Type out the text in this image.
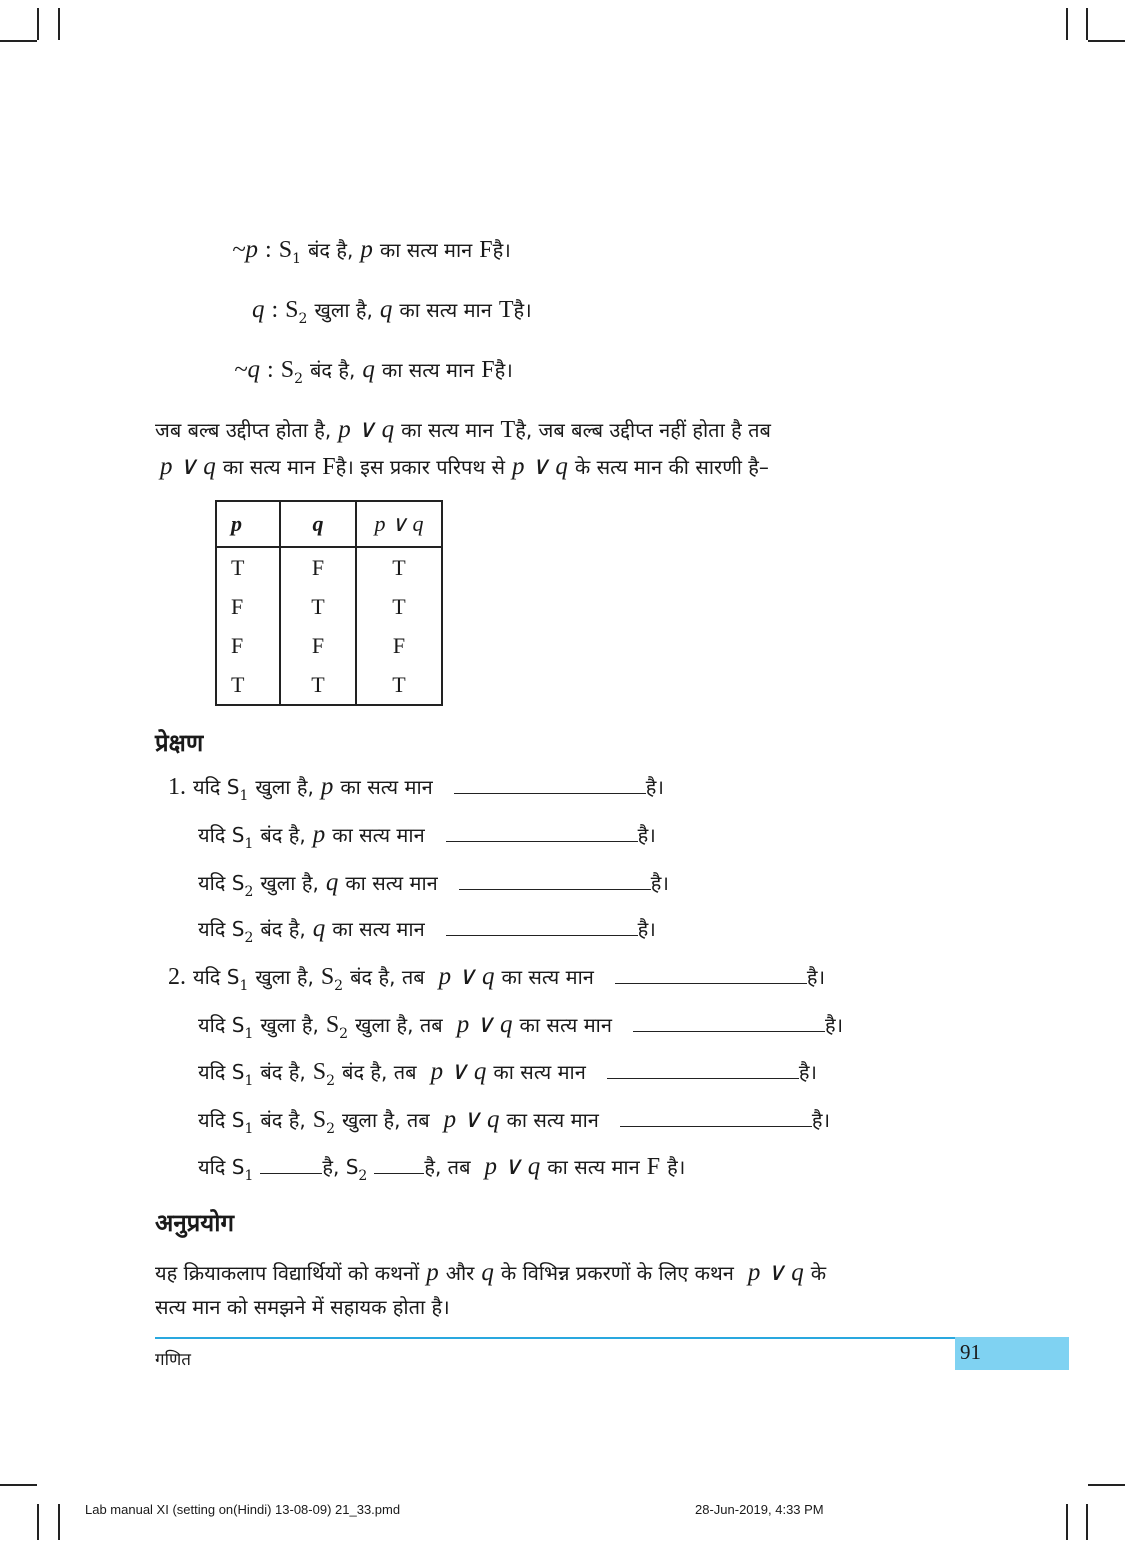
~p : $S_1$ बंद है, p का सत्य मान Fहै।
q : $S_2$ खुला है, q का सत्य मान Tहै।
~q : $S_2$ बंद है, q का सत्य मान Fहै।
जब बल्ब उद्दीप्त होता है, p ∨ q का सत्य मान Tहै, जब बल्ब उद्दीप्त नहीं होता है तब
p ∨ q का सत्य मान Fहै। इस प्रकार परिपथ से p ∨ q के सत्य मान की सारणी है–
p	q	p ∨ q
T	F	T
F	T	T
F	F	F
T	T	T
प्रेक्षण
1. यदि $S_1$ खुला है, p का सत्य मान	है।
यदि $S_1$ बंद है, p का सत्य मान	है।
यदि $S_2$ खुला है, q का सत्य मान	है।
यदि $S_2$ बंद है, q का सत्य मान	है।
2. यदि $S_1$ खुला है, $S_2$ बंद है, तब p ∨ q का सत्य मान	है।
यदि $S_1$ खुला है, $S_2$ खुला है, तब p ∨ q का सत्य मान	है।
यदि $S_1$ बंद है, $S_2$ बंद है, तब p ∨ q का सत्य मान	है।
यदि $S_1$ बंद है, $S_2$ खुला है, तब p ∨ q का सत्य मान	है।
यदि $S_1$	है, $S_2$	है, तब p ∨ q का सत्य मान F है।
अनुप्रयोग
यह क्रियाकलाप विद्यार्थियों को कथनों p और q के विभिन्न प्रकरणों के लिए कथन p ∨ q के
सत्य मान को समझने में सहायक होता है।
91
गणित
Lab manual XI (setting on(Hindi) 13-08-09) 21_33.pmd	28-Jun-2019, 4:33 PM
